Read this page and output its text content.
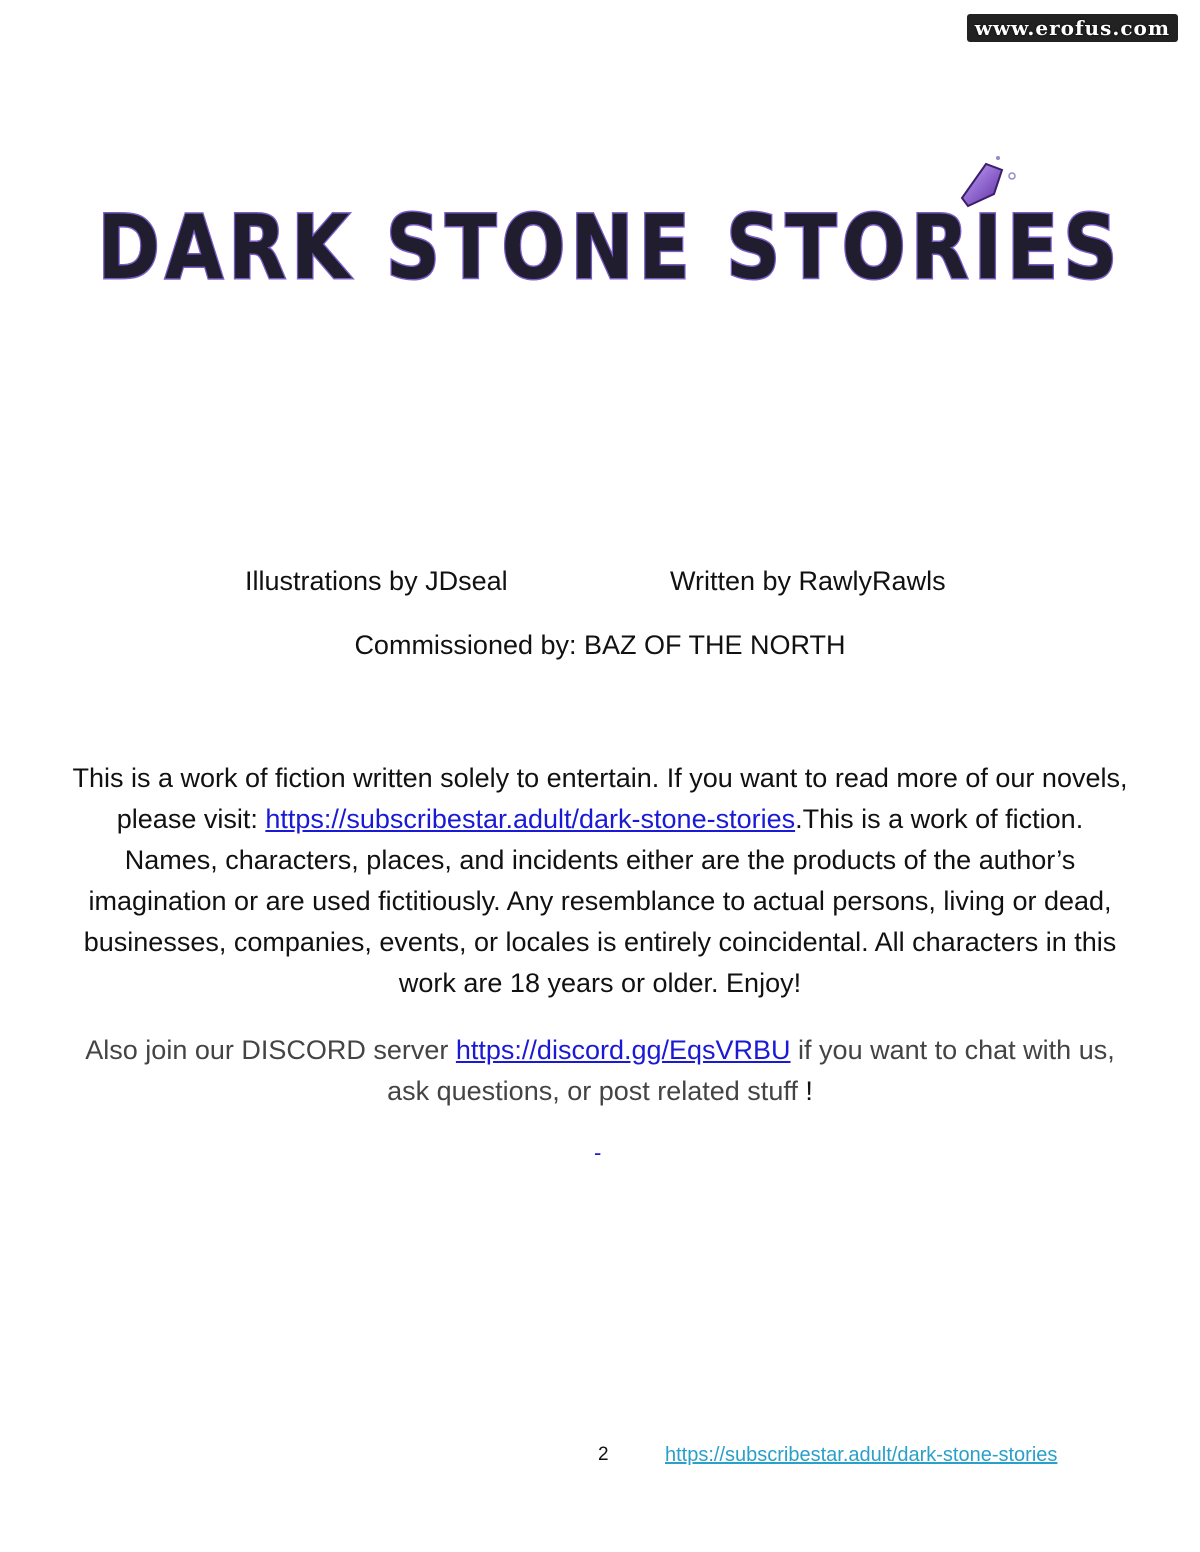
www.erofus.com
DARK STONE STORIES
Illustrations by JDseal	Written by RawlyRawls
Commissioned by: BAZ OF THE NORTH
This is a work of fiction written solely to entertain. If you want to read more of our novels, please visit: https://subscribestar.adult/dark-stone-stories.This is a work of fiction. Names, characters, places, and incidents either are the products of the author’s imagination or are used fictitiously. Any resemblance to actual persons, living or dead, businesses, companies, events, or locales is entirely coincidental. All characters in this work are 18 years or older. Enjoy!
Also join our DISCORD server https://discord.gg/EqsVRBU if you want to chat with us, ask questions, or post related stuff !
-
2	https://subscribestar.adult/dark-stone-stories
